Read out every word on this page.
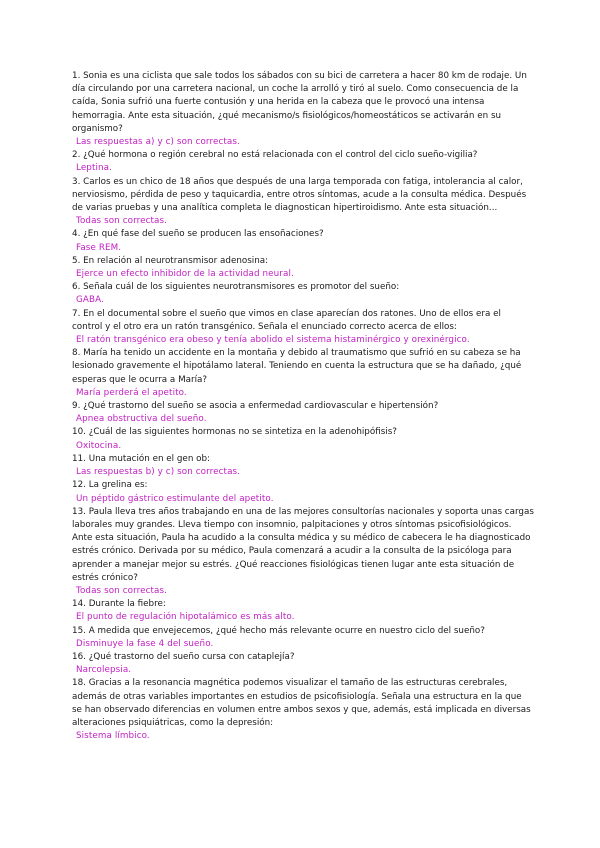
1. Sonia es una ciclista que sale todos los sábados con su bici de carretera a hacer 80 km de rodaje. Un día circulando por una carretera nacional, un coche la arrolló y tiró al suelo. Como consecuencia de la caída, Sonia sufrió una fuerte contusión y una herida en la cabeza que le provocó una intensa hemorragia. Ante esta situación, ¿qué mecanismo/s fisiológicos/homeostáticos se activarán en su organismo?

Las respuestas a) y c) son correctas.

2. ¿Qué hormona o región cerebral no está relacionada con el control del ciclo sueño-vigilia?

Leptina.

3. Carlos es un chico de 18 años que después de una larga temporada con fatiga, intolerancia al calor, nerviosismo, pérdida de peso y taquicardia, entre otros síntomas, acude a la consulta médica. Después de varias pruebas y una analítica completa le diagnostican hipertiroidismo. Ante esta situación...

Todas son correctas.

4. ¿En qué fase del sueño se producen las ensoñaciones?

Fase REM.

5. En relación al neurotransmisor adenosina:

Ejerce un efecto inhibidor de la actividad neural.

6. Señala cuál de los siguientes neurotransmisores es promotor del sueño:

GABA.

7. En el documental sobre el sueño que vimos en clase aparecían dos ratones. Uno de ellos era el control y el otro era un ratón transgénico. Señala el enunciado correcto acerca de ellos:

El ratón transgénico era obeso y tenía abolido el sistema histaminérgico y orexinérgico.

8. María ha tenido un accidente en la montaña y debido al traumatismo que sufrió en su cabeza se ha lesionado gravemente el hipotálamo lateral. Teniendo en cuenta la estructura que se ha dañado, ¿qué esperas que le ocurra a María?

María perderá el apetito.

9. ¿Qué trastorno del sueño se asocia a enfermedad cardiovascular e hipertensión?

Apnea obstructiva del sueño.

10. ¿Cuál de las siguientes hormonas no se sintetiza en la adenohipófisis?

Oxitocina.

11. Una mutación en el gen ob:

Las respuestas b) y c) son correctas.

12. La grelina es:

Un péptido gástrico estimulante del apetito.

13. Paula lleva tres años trabajando en una de las mejores consultorías nacionales y soporta unas cargas laborales muy grandes. Lleva tiempo con insomnio, palpitaciones y otros síntomas psicofisiológicos. Ante esta situación, Paula ha acudido a la consulta médica y su médico de cabecera le ha diagnosticado estrés crónico. Derivada por su médico, Paula comenzará a acudir a la consulta de la psicóloga para aprender a manejar mejor su estrés. ¿Qué reacciones fisiológicas tienen lugar ante esta situación de estrés crónico?

Todas son correctas.

14. Durante la fiebre:

El punto de regulación hipotalámico es más alto.

15. A medida que envejecemos, ¿qué hecho más relevante ocurre en nuestro ciclo del sueño?

Disminuye la fase 4 del sueño.

16. ¿Qué trastorno del sueño cursa con cataplejía?

Narcolepsia.

18. Gracias a la resonancia magnética podemos visualizar el tamaño de las estructuras cerebrales, además de otras variables importantes en estudios de psicofisiología. Señala una estructura en la que se han observado diferencias en volumen entre ambos sexos y que, además, está implicada en diversas alteraciones psiquiátricas, como la depresión:

Sistema límbico.
